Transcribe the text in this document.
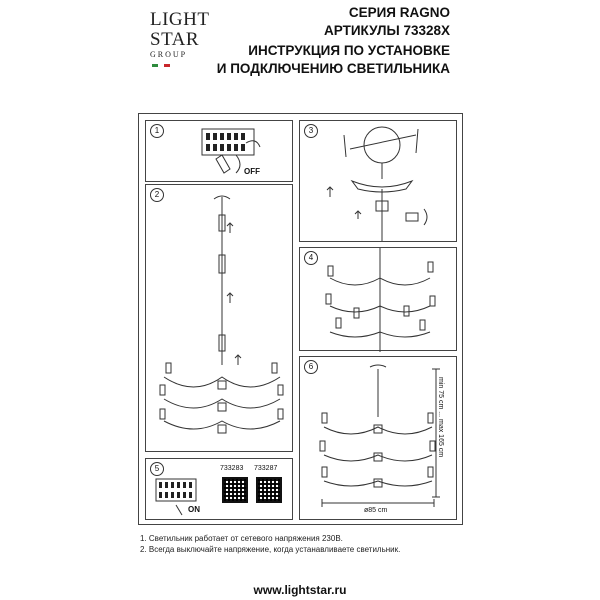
LIGHT
STAR
GROUP
СЕРИЯ RAGNO
АРТИКУЛЫ 73328X
ИНСТРУКЦИЯ ПО УСТАНОВКЕ
И ПОДКЛЮЧЕНИЮ СВЕТИЛЬНИКА
1
OFF
2
5
ON
733283 733287
3
4
6
min 75 cm ... max 165 cm
ø85 cm
1. Светильник работает от сетевого напряжения 230В.
2. Всегда выключайте напряжение, когда устанавливаете светильник.
www.lightstar.ru
